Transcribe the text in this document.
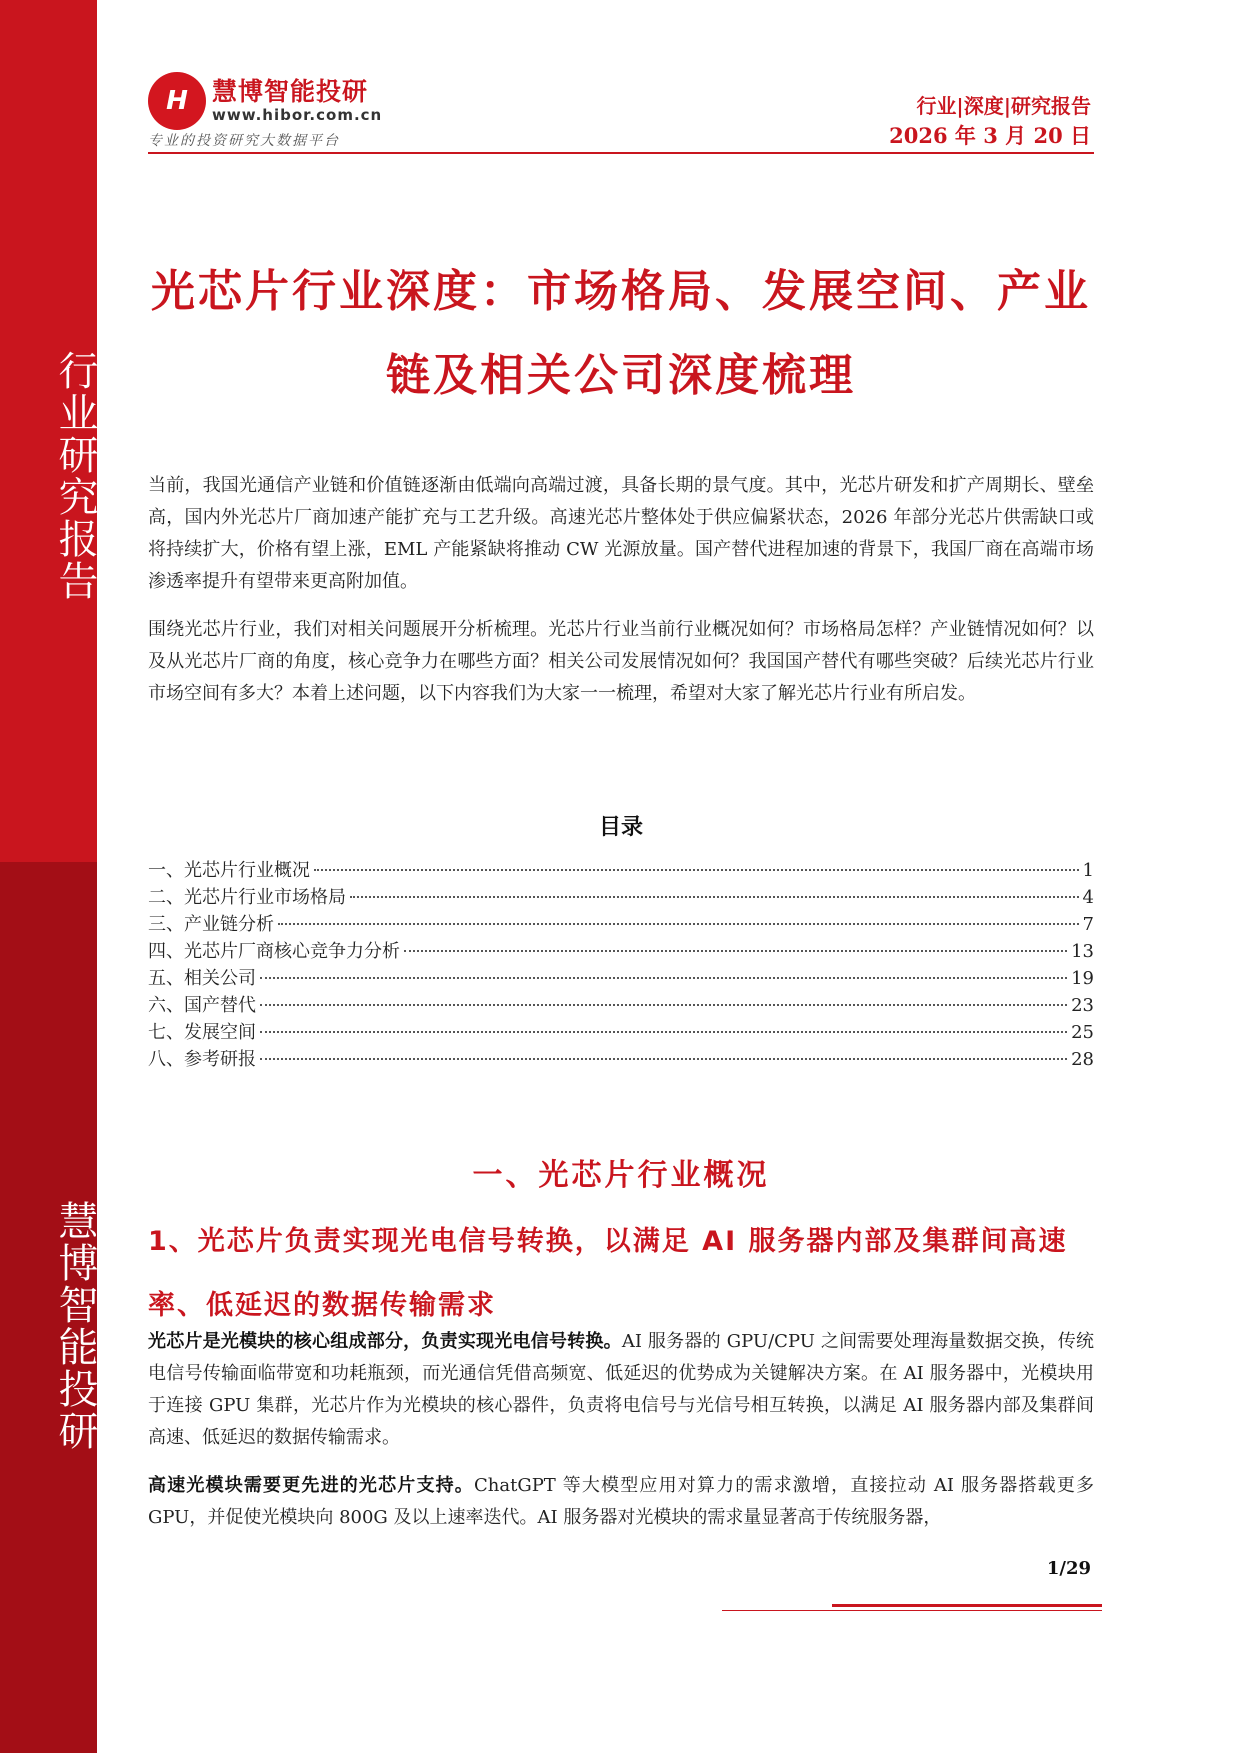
行业研究报告
慧博智能投研
H 慧博智能投研
www.hibor.com.cn
专业的投资研究大数据平台
行业|深度|研究报告
2026 年 3 月 20 日
光芯片行业深度：市场格局、发展空间、产业链及相关公司深度梳理

当前，我国光通信产业链和价值链逐渐由低端向高端过渡，具备长期的景气度。其中，光芯片研发和扩产周期长、壁垒高，国内外光芯片厂商加速产能扩充与工艺升级。高速光芯片整体处于供应偏紧状态，2026 年部分光芯片供需缺口或将持续扩大，价格有望上涨，EML 产能紧缺将推动 CW 光源放量。国产替代进程加速的背景下，我国厂商在高端市场渗透率提升有望带来更高附加值。

围绕光芯片行业，我们对相关问题展开分析梳理。光芯片行业当前行业概况如何？市场格局怎样？产业链情况如何？以及从光芯片厂商的角度，核心竞争力在哪些方面？相关公司发展情况如何？我国国产替代有哪些突破？后续光芯片行业市场空间有多大？本着上述问题，以下内容我们为大家一一梳理，希望对大家了解光芯片行业有所启发。

目录
一、光芯片行业概况	1
二、光芯片行业市场格局	4
三、产业链分析	7
四、光芯片厂商核心竞争力分析	13
五、相关公司	19
六、国产替代	23
七、发展空间	25
八、参考研报	28
一、光芯片行业概况
1、光芯片负责实现光电信号转换，以满足 AI 服务器内部及集群间高速率、低延迟的数据传输需求

光芯片是光模块的核心组成部分，负责实现光电信号转换。AI 服务器的 GPU/CPU 之间需要处理海量数据交换，传统电信号传输面临带宽和功耗瓶颈，而光通信凭借高频宽、低延迟的优势成为关键解决方案。在 AI 服务器中，光模块用于连接 GPU 集群，光芯片作为光模块的核心器件，负责将电信号与光信号相互转换，以满足 AI 服务器内部及集群间高速、低延迟的数据传输需求。

高速光模块需要更先进的光芯片支持。ChatGPT 等大模型应用对算力的需求激增，直接拉动 AI 服务器搭载更多 GPU，并促使光模块向 800G 及以上速率迭代。AI 服务器对光模块的需求量显著高于传统服务器，

1/29
